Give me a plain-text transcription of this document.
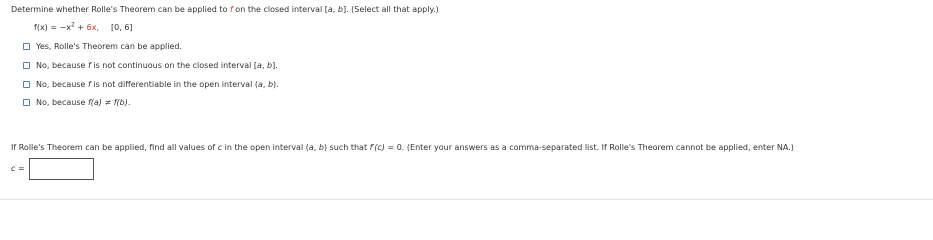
Determine whether Rolle's Theorem can be applied to f on the closed interval [a, b]. (Select all that apply.)
$f(x) = -x^2 + 6x$, [0, 6]
Yes, Rolle's Theorem can be applied.
No, because f is not continuous on the closed interval [a, b].
No, because f is not differentiable in the open interval (a, b).
No, because f(a) ≠ f(b).
If Rolle's Theorem can be applied, find all values of c in the open interval (a, b) such that f′(c) = 0. (Enter your answers as a comma-separated list. If Rolle's Theorem cannot be applied, enter NA.)
c =
